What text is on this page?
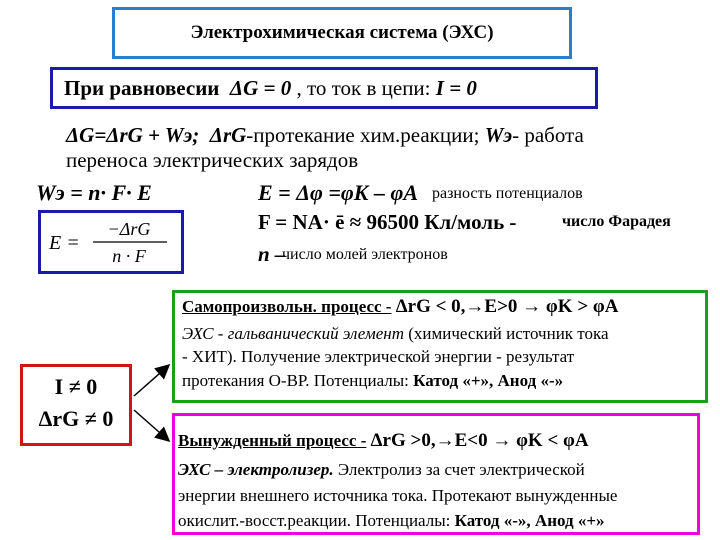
Электрохимическая система (ЭХС)
При равновесии ΔG = 0 , то ток в цепи: I = 0
ΔG=ΔrG + Wэ; ΔrG-протекание хим.реакции; Wэ- работа
переноса электрических зарядов
Wэ = n· F· E	E = Δφ =φK – φA разность потенциалов
F = NA· ē ≈ 96500 Кл/моль -	число Фарадея
n –
число молей электронов
E =
−ΔrG
n · F
I ≠ 0
ΔrG ≠ 0
Самопроизвольн. процесс - ΔrG < 0,→E>0 → φK > φA
ЭХС - гальванический элемент (химический источник тока
- ХИТ). Получение электрической энергии - результат
протекания О-ВР. Потенциалы: Катод «+», Анод «-»
Вынужденный процесс - ΔrG >0,→E<0 → φK < φA
ЭХС – электролизер. Электролиз за счет электрической
энергии внешнего источника тока. Протекают вынужденные
окислит.-восст.реакции. Потенциалы: Катод «-», Анод «+»
